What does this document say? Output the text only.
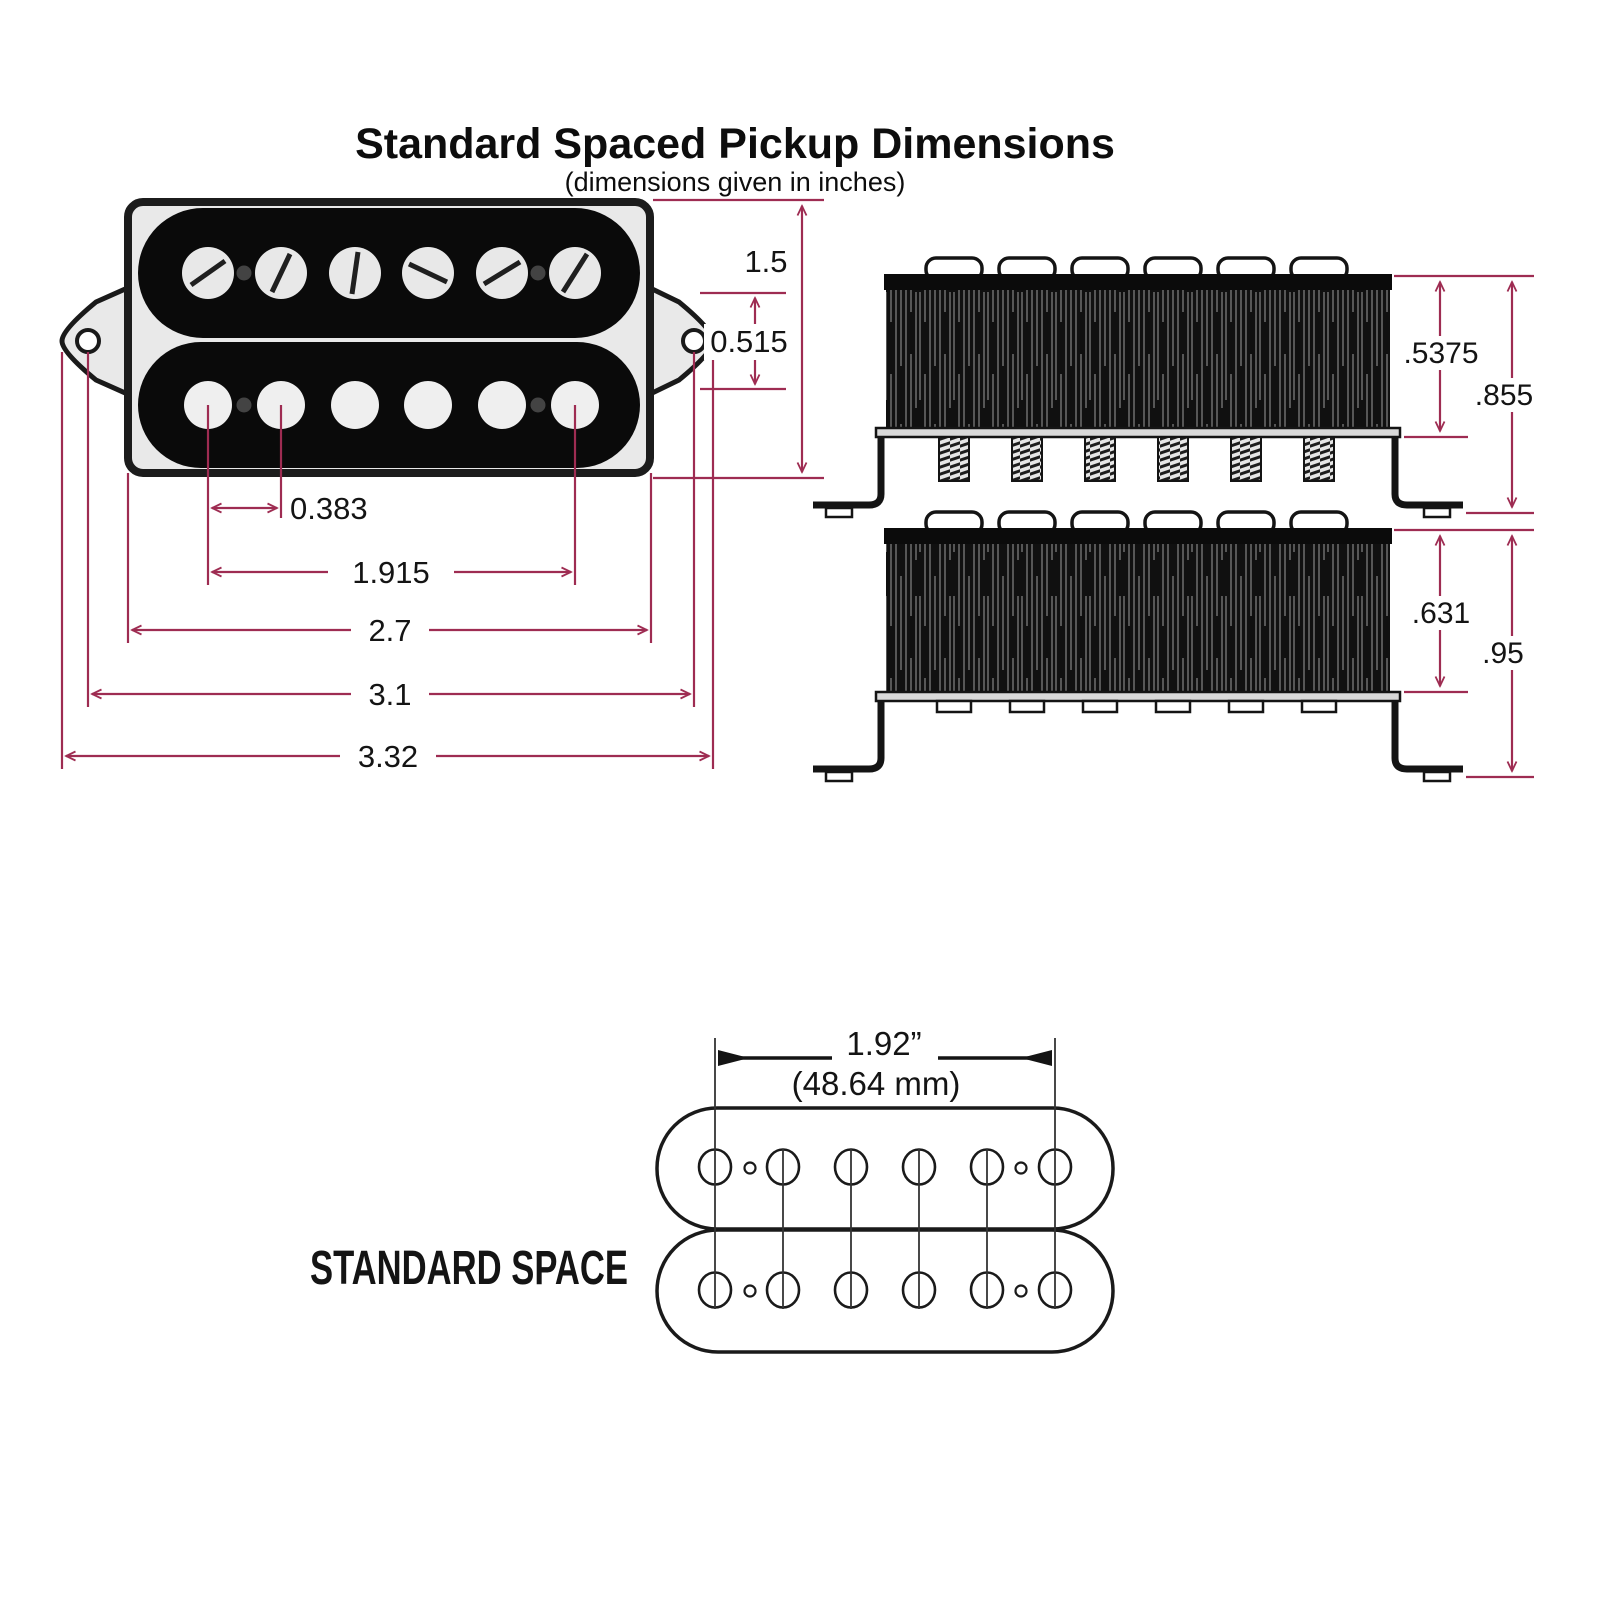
Standard Spaced Pickup Dimensions
(dimensions given in inches)
1.5
0.515
0.383
1.915
2.7
3.1
3.32
.5375
.855
.631
.95
1.92”
(48.64 mm)
STANDARD SPACE
